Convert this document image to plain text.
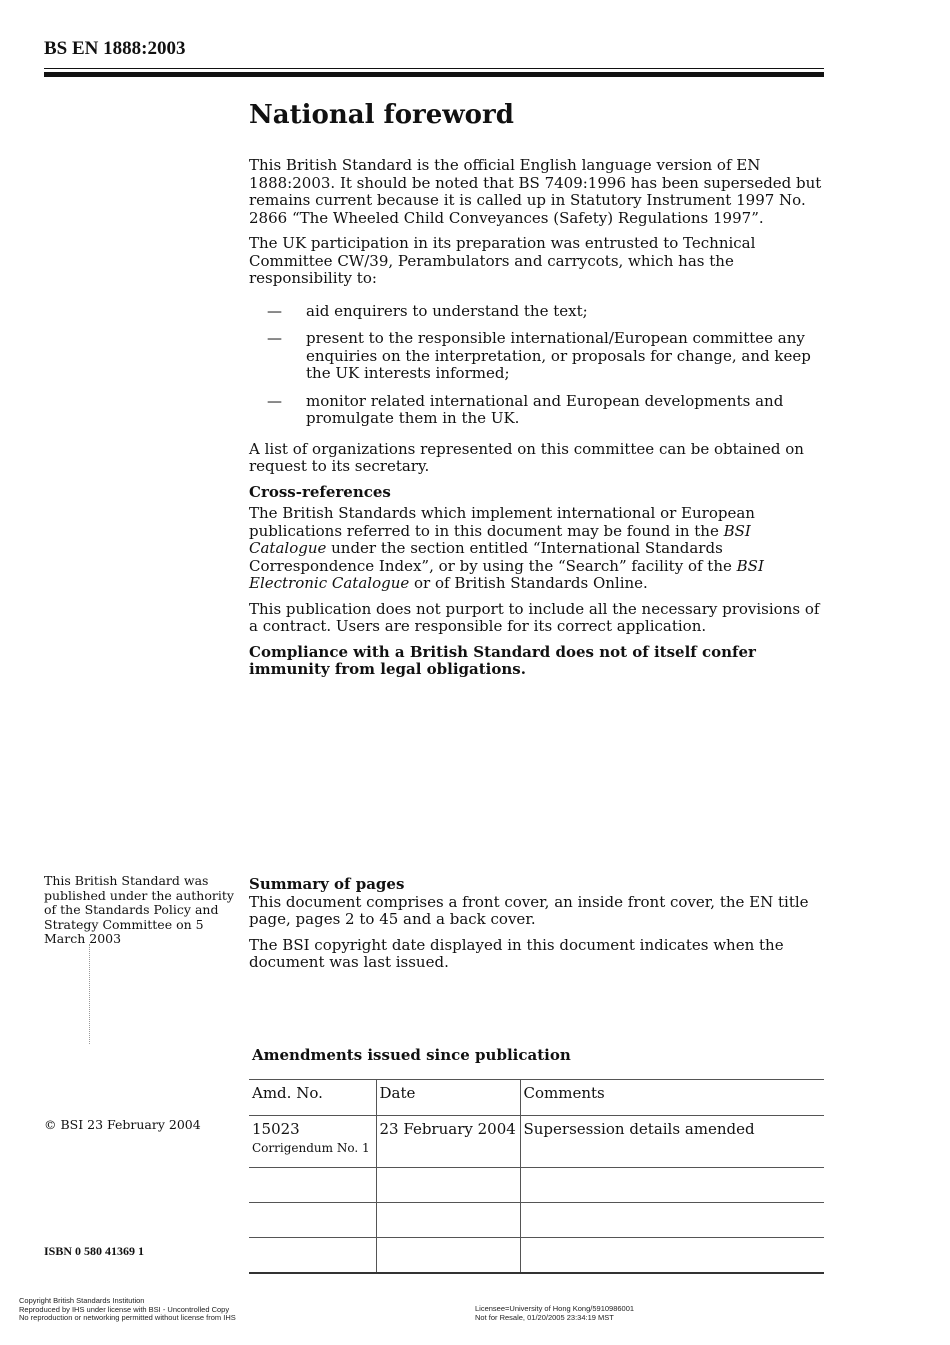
BS EN 1888:2003
National foreword

This British Standard is the official English language version of EN 1888:2003. It should be noted that BS 7409:1996 has been superseded but remains current because it is called up in Statutory Instrument 1997 No. 2866 “The Wheeled Child Conveyances (Safety) Regulations 1997”.

The UK participation in its preparation was entrusted to Technical Committee CW/39, Perambulators and carrycots, which has the responsibility to:

—	aid enquirers to understand the text;
—	present to the responsible international/European committee any enquiries on the interpretation, or proposals for change, and keep the UK interests informed;
—	monitor related international and European developments and promulgate them in the UK.

A list of organizations represented on this committee can be obtained on request to its secretary.

Cross-references

The British Standards which implement international or European publications referred to in this document may be found in the BSI Catalogue under the section entitled “International Standards Correspondence Index”, or by using the “Search” facility of the BSI Electronic Catalogue or of British Standards Online.

This publication does not purport to include all the necessary provisions of a contract. Users are responsible for its correct application.

Compliance with a British Standard does not of itself confer immunity from legal obligations.

This British Standard was published under the authority of the Standards Policy and Strategy Committee on 5 March 2003
Summary of pages

This document comprises a front cover, an inside front cover, the EN title page, pages 2 to 45 and a back cover.

The BSI copyright date displayed in this document indicates when the document was last issued.

Amendments issued since publication
Amd. No.	Date	Comments
15023
Corrigendum No. 1	23 February 2004	Supersession details amended

© BSI 23 February 2004
ISBN 0 580 41369 1
Copyright British Standards Institution
Reproduced by IHS under license with BSI - Uncontrolled Copy
No reproduction or networking permitted without license from IHS
Licensee=University of Hong Kong/5910986001
Not for Resale, 01/20/2005 23:34:19 MST
